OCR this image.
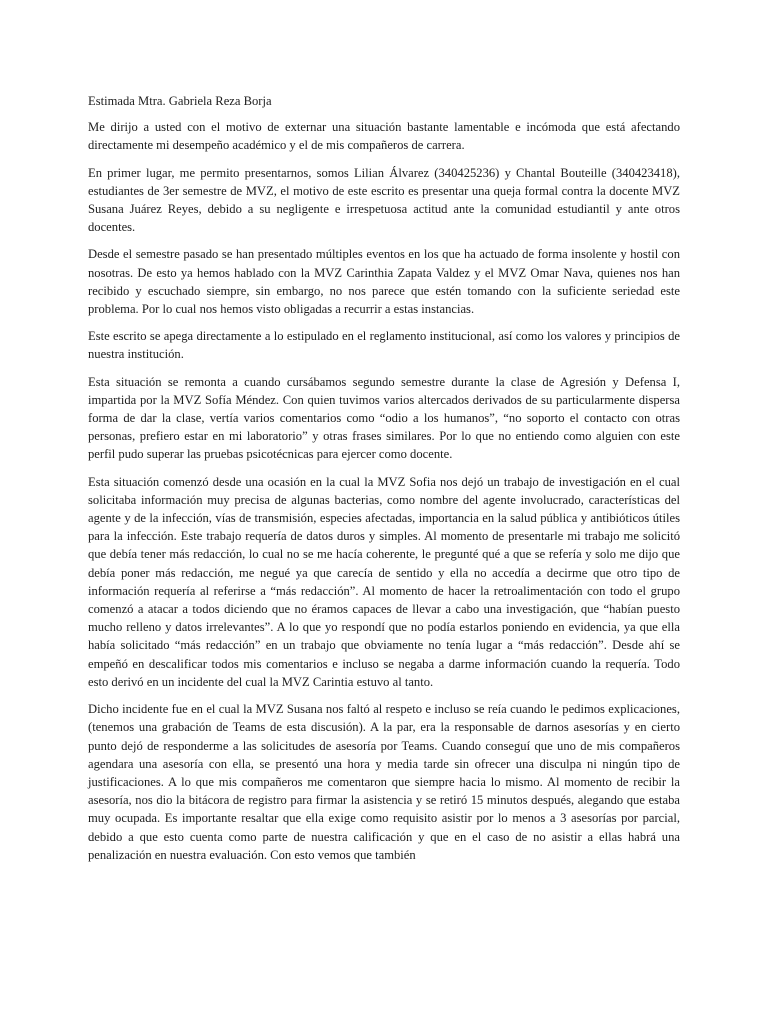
Estimada Mtra. Gabriela Reza Borja

Me dirijo a usted con el motivo de externar una situación bastante lamentable e incómoda que está afectando directamente mi desempeño académico y el de mis compañeros de carrera.

En primer lugar, me permito presentarnos, somos Lilian Álvarez (340425236) y Chantal Bouteille (340423418), estudiantes de 3er semestre de MVZ, el motivo de este escrito es presentar una queja formal contra la docente MVZ Susana Juárez Reyes, debido a su negligente e irrespetuosa actitud ante la comunidad estudiantil y ante otros docentes.

Desde el semestre pasado se han presentado múltiples eventos en los que ha actuado de forma insolente y hostil con nosotras. De esto ya hemos hablado con la MVZ Carinthia Zapata Valdez y el MVZ Omar Nava, quienes nos han recibido y escuchado siempre, sin embargo, no nos parece que estén tomando con la suficiente seriedad este problema. Por lo cual nos hemos visto obligadas a recurrir a estas instancias.

Este escrito se apega directamente a lo estipulado en el reglamento institucional, así como los valores y principios de nuestra institución.

Esta situación se remonta a cuando cursábamos segundo semestre durante la clase de Agresión y Defensa I, impartida por la MVZ Sofía Méndez. Con quien tuvimos varios altercados derivados de su particularmente dispersa forma de dar la clase, vertía varios comentarios como “odio a los humanos”, “no soporto el contacto con otras personas, prefiero estar en mi laboratorio” y otras frases similares. Por lo que no entiendo como alguien con este perfil pudo superar las pruebas psicotécnicas para ejercer como docente.

Esta situación comenzó desde una ocasión en la cual la MVZ Sofia nos dejó un trabajo de investigación en el cual solicitaba información muy precisa de algunas bacterias, como nombre del agente involucrado, características del agente y de la infección, vías de transmisión, especies afectadas, importancia en la salud pública y antibióticos útiles para la infección. Este trabajo requería de datos duros y simples. Al momento de presentarle mi trabajo me solicitó que debía tener más redacción, lo cual no se me hacía coherente, le pregunté qué a que se refería y solo me dijo que debía poner más redacción, me negué ya que carecía de sentido y ella no accedía a decirme que otro tipo de información requería al referirse a “más redacción”. Al momento de hacer la retroalimentación con todo el grupo comenzó a atacar a todos diciendo que no éramos capaces de llevar a cabo una investigación, que “habían puesto mucho relleno y datos irrelevantes”. A lo que yo respondí que no podía estarlos poniendo en evidencia, ya que ella había solicitado “más redacción” en un trabajo que obviamente no tenía lugar a “más redacción”. Desde ahí se empeñó en descalificar todos mis comentarios e incluso se negaba a darme información cuando la requería. Todo esto derivó en un incidente del cual la MVZ Carintia estuvo al tanto.

Dicho incidente fue en el cual la MVZ Susana nos faltó al respeto e incluso se reía cuando le pedimos explicaciones, (tenemos una grabación de Teams de esta discusión). A la par, era la responsable de darnos asesorías y en cierto punto dejó de responderme a las solicitudes de asesoría por Teams. Cuando conseguí que uno de mis compañeros agendara una asesoría con ella, se presentó una hora y media tarde sin ofrecer una disculpa ni ningún tipo de justificaciones. A lo que mis compañeros me comentaron que siempre hacia lo mismo. Al momento de recibir la asesoría, nos dio la bitácora de registro para firmar la asistencia y se retiró 15 minutos después, alegando que estaba muy ocupada. Es importante resaltar que ella exige como requisito asistir por lo menos a 3 asesorías por parcial, debido a que esto cuenta como parte de nuestra calificación y que en el caso de no asistir a ellas habrá una penalización en nuestra evaluación. Con esto vemos que también
